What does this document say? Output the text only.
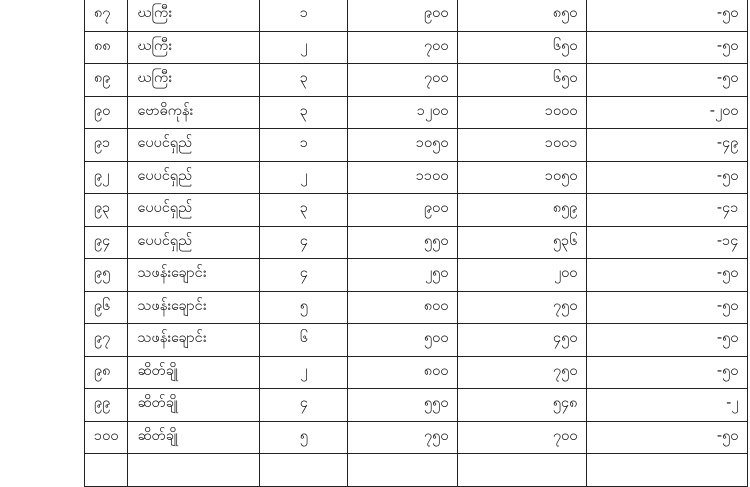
၈၇	ဃကြီး	၁	၉၀၀	၈၅၀	-၅၀
၈၈	ဃကြီး	၂	၇၀၀	၆၅၀	-၅၀
၈၉	ဃကြီး	၃	၇၀၀	၆၅၀	-၅၀
၉၀	ဗောဓိကုန်း	၃	၁၂၀၀	၁၀၀၀	-၂၀၀
၉၁	ပေပင်ရှည်	၁	၁၀၅၀	၁၀၀၁	-၄၉
၉၂	ပေပင်ရှည်	၂	၁၁၀၀	၁၀၅၀	-၅၀
၉၃	ပေပင်ရှည်	၃	၉၀၀	၈၅၉	-၄၁
၉၄	ပေပင်ရှည်	၄	၅၅၀	၅၃၆	-၁၄
၉၅	သဖန်းချောင်း	၄	၂၅၀	၂၀၀	-၅၀
၉၆	သဖန်းချောင်း	၅	၈၀၀	၇၅၀	-၅၀
၉၇	သဖန်းချောင်း	၆	၅၀၀	၄၅၀	-၅၀
၉၈	ဆိတ်ချို	၂	၈၀၀	၇၅၀	-၅၀
၉၉	ဆိတ်ချို	၄	၅၅၀	၅၄၈	-၂
၁၀၀	ဆိတ်ချို	၅	၇၅၀	၇၀၀	-၅၀
